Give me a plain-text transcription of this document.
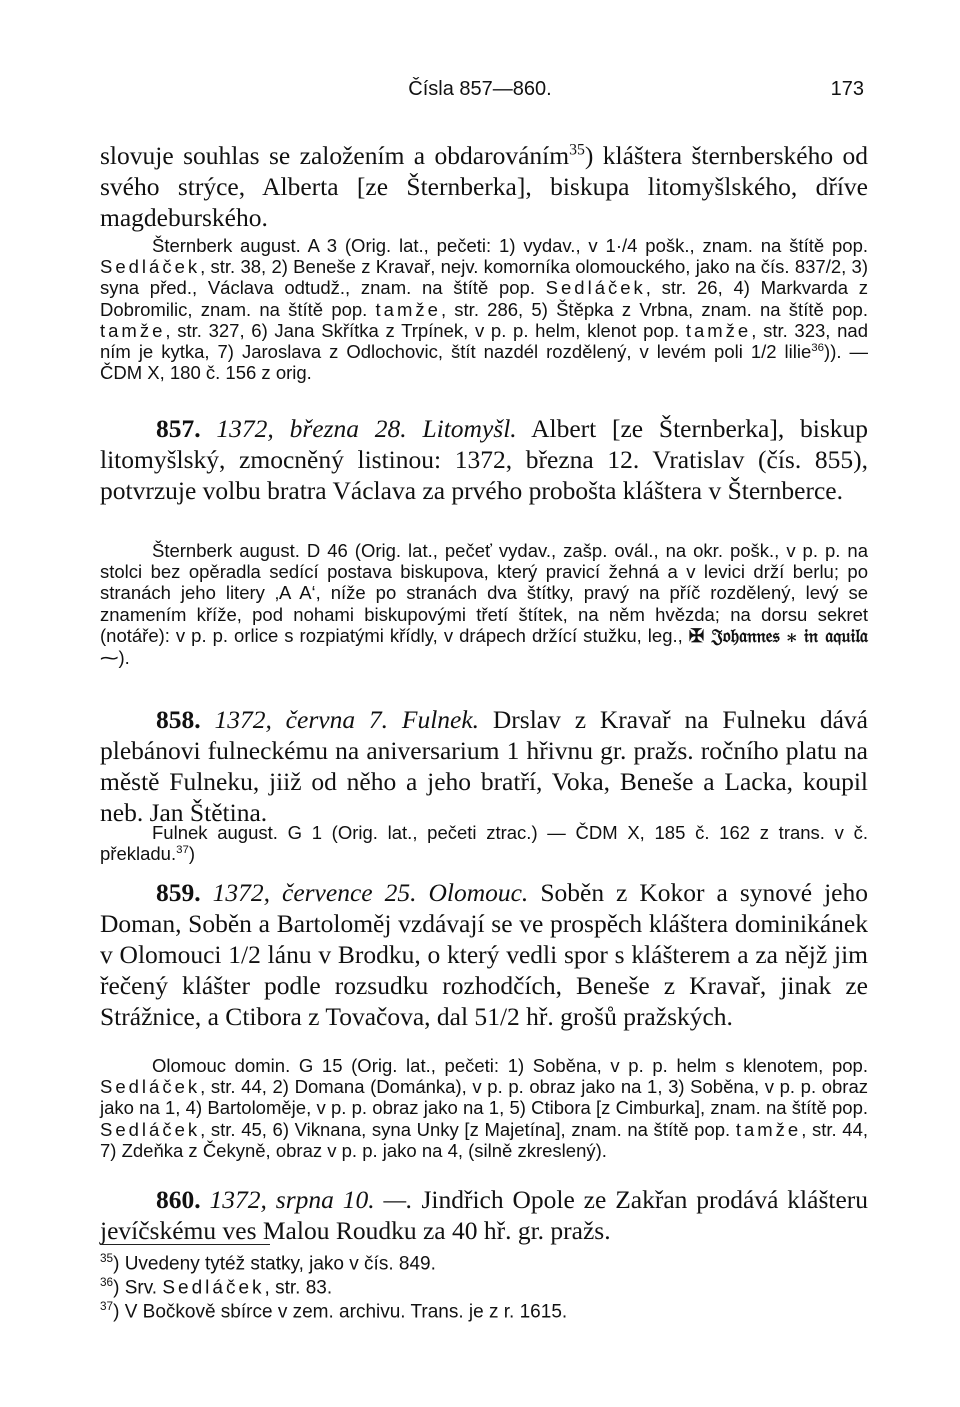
Čísla 857—860.	173

slovuje souhlas se založením a obdarováním$^{35}$) kláštera šternberského od svého strýce, Alberta [ze Šternberka], biskupa litomyšlského, dříve magdeburského.

Šternberk august. A 3 (Orig. lat., pečeti: 1) vydav., v 1·/4 pošk., znam. na štítě pop. Sedláček, str. 38, 2) Beneše z Kravař, nejv. komorníka olomouckého, jako na čís. 837/2, 3) syna před., Václava odtudž., znam. na štítě pop. Sedláček, str. 26, 4) Markvarda z Dobromilic, znam. na štítě pop. tamže, str. 286, 5) Štěpka z Vrbna, znam. na štítě pop. tamže, str. 327, 6) Jana Skřítka z Trpínek, v p. p. helm, klenot pop. tamže, str. 323, nad ním je kytka, 7) Jaroslava z Odlochovic, štít nazdél rozdělený, v levém poli 1/2 lilie$^{36}$)). — ČDM X, 180 č. 156 z orig.

857. 1372, března 28. Litomyšl. Albert [ze Šternberka], biskup litomyšlský, zmocněný listinou: 1372, března 12. Vratislav (čís. 855), potvrzuje volbu bratra Václava za prvého probošta kláštera v Šternberce.

Šternberk august. D 46 (Orig. lat., pečeť vydav., zašp. ovál., na okr. pošk., v p. p. na stolci bez opěradla sedící postava biskupova, který pravicí žehná a v levici drží berlu; po stranách jeho litery ‚A A‘, níže po stranách dva štítky, pravý na příč rozdělený, levý se znamením kříže, pod nohami biskupovými třetí štítek, na něm hvězda; na dorsu sekret (notáře): v p. p. orlice s rozpiatými křídly, v drápech držící stužku, leg., ✠ 𝔍𝔬𝔥𝔞𝔫𝔫𝔢𝔰 ⁎ 𝔦𝔫 𝔞𝔮𝔲𝔦𝔩𝔞 ⁓).

858. 1372, června 7. Fulnek. Drslav z Kravař na Fulneku dává plebánovi fulneckému na aniversarium 1 hřivnu gr. pražs. ročního platu na městě Fulneku, jiiž od něho a jeho bratří, Voka, Beneše a Lacka, koupil neb. Jan Štětina.

Fulnek august. G 1 (Orig. lat., pečeti ztrac.) — ČDM X, 185 č. 162 z trans. v č. překladu.$^{37}$)

859. 1372, července 25. Olomouc. Soběn z Kokor a synové jeho Doman, Soběn a Bartoloměj vzdávají se ve prospěch kláštera dominikánek v Olomouci 1/2 lánu v Brodku, o který vedli spor s klášterem a za nějž jim řečený klášter podle rozsudku rozhodčích, Beneše z Kravař, jinak ze Strážnice, a Ctibora z Tovačova, dal 51/2 hř. grošů pražských.

Olomouc domin. G 15 (Orig. lat., pečeti: 1) Soběna, v p. p. helm s klenotem, pop. Sedláček, str. 44, 2) Domana (Dománka), v p. p. obraz jako na 1, 3) Soběna, v p. p. obraz jako na 1, 4) Bartoloměje, v p. p. obraz jako na 1, 5) Ctibora [z Cimburka], znam. na štítě pop. Sedláček, str. 45, 6) Viknana, syna Unky [z Majetína], znam. na štítě pop. tamže, str. 44, 7) Zdeňka z Čekyně, obraz v p. p. jako na 4, (silně zkreslený).

860. 1372, srpna 10. —. Jindřich Opole ze Zakřan prodává klášteru jevíčskému ves Malou Roudku za 40 hř. gr. pražs.

$^{35}$) Uvedeny tytéž statky, jako v čís. 849.
$^{36}$) Srv. Sedláček, str. 83.
$^{37}$) V Bočkově sbírce v zem. archivu. Trans. je z r. 1615.
